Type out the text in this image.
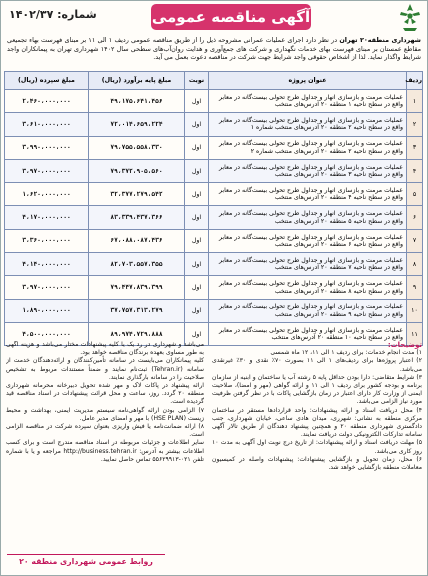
آگهی مناقصه عمومی
شماره: ۱۴۰۲/۳۷
شهرداری منطقه۲۰ تهران در نظر دارد اجرای عملیات عمرانی مشروحه ذیل را از طریق مناقصه عمومی ردیف ۱ الی ۱۱ بر مبنای فهرست بهاء تجمیعی مقاطع عمستان بر مبنای فهرست بهای خدمات نگهداری و شرکت های جمع‌آوری و هدایت روان‌آب‌های سطحی سال ۱۴۰۲ شهرداری تهران به پیمانکاران واجد شرایط واگذار نماید. لذا از اشخاص حقوقی واجد شرایط جهت شرکت در مناقصه دعوت بعمل می آید.
ردیف	عنوان پروژه	نوبت	مبلغ پایه برآورد (ریال)	مبلغ سپرده (ریال)
۱	عملیات مرمت و بازسازی انهار و جداول طرح تحولی بیست‌گانه در معابر واقع در سطح ناحیه ۱ منطقه ۲۰ آدرس‌های منتخب	اول	۴۹،۱۷۵،۶۴۱،۴۵۶	۲،۴۶۰،۰۰۰،۰۰۰
۲	عملیات مرمت و بازسازی انهار و جداول طرح تحولی بیست‌گانه در معابر واقع در سطح ناحیه ۲ منطقه ۲۰ آدرس‌های منتخب شماره ۱	اول	۷۲،۰۱۴،۶۵۹،۲۲۴	۳،۶۱۰،۰۰۰،۰۰۰
۳	عملیات مرمت و بازسازی انهار و جداول طرح تحولی بیست‌گانه در معابر واقع در سطح ناحیه ۲ منطقه ۲۰ آدرس‌های منتخب شماره ۲	اول	۷۹،۷۵۵،۵۵۸،۳۳۰	۳،۹۹۰،۰۰۰،۰۰۰
۴	عملیات مرمت و بازسازی انهار و جداول طرح تحولی بیست‌گانه در معابر واقع در سطح ناحیه ۳ منطقه ۲۰ آدرس‌های منتخب	اول	۷۹،۳۷۲،۹۰۵،۵۶۰	۳،۹۷۰،۰۰۰،۰۰۰
۵	عملیات مرمت و بازسازی انهار و جداول طرح تحولی بیست‌گانه در معابر واقع در سطح ناحیه ۴ منطقه ۲۰ آدرس‌های منتخب	اول	۳۲،۳۷۷،۲۷۹،۵۴۲	۱،۶۲۰،۰۰۰،۰۰۰
۶	عملیات مرمت و بازسازی انهار و جداول طرح تحولی بیست‌گانه در معابر واقع در سطح ناحیه ۵ منطقه ۲۰ آدرس‌های منتخب	اول	۸۳،۳۳۹،۴۳۷،۳۶۶	۴،۱۷۰،۰۰۰،۰۰۰
۷	عملیات مرمت و بازسازی انهار و جداول طرح تحولی بیست‌گانه در معابر واقع در سطح ناحیه ۶ منطقه ۲۰ آدرس‌های منتخب	اول	۶۷،۰۸۸،۰۸۷،۴۳۶	۳،۳۶۰،۰۰۰،۰۰۰
۸	عملیات مرمت و بازسازی انهار و جداول طرح تحولی بیست‌گانه در معابر واقع در سطح ناحیه ۷ منطقه ۲۰ آدرس‌های منتخب	اول	۸۲،۷۰۳،۵۵۷،۳۵۵	۴،۱۴۰،۰۰۰،۰۰۰
۹	عملیات مرمت و بازسازی انهار و جداول طرح تحولی بیست‌گانه در معابر واقع در سطح ناحیه ۸ منطقه ۲۰ آدرس‌های منتخب	اول	۷۹،۴۴۷،۸۳۹،۳۹۹	۳،۹۷۰،۰۰۰،۰۰۰
۱۰	عملیات مرمت و بازسازی انهار و جداول طرح تحولی بیست‌گانه در معابر واقع در سطح ناحیه ۹ منطقه ۲۰ آدرس‌های منتخب	اول	۳۷،۷۵۷،۳۱۳،۲۷۹	۱،۸۹۰،۰۰۰،۰۰۰
۱۱	عملیات مرمت و بازسازی انهار و جداول طرح تحولی بیست‌گانه در معابر واقع در سطح ناحیه ۱۰ منطقه ۲۰ آدرس‌های منتخب	اول	۸۹،۹۷۴،۷۲۹،۸۸۸	۴،۵۰۰،۰۰۰،۰۰۰
توضیحات:
۱) مدت انجام خدمات: برای ردیف ۱ الی ۱۱، ۱۲ ماه شمسی
۲) اعتبار پروژه‌ها برای ردیف‌های ۱ الی ۱۱ بصورت ۷۰٪ نقدی و ۳۰٪ غیرنقدی می‌باشد.
۳) شرایط متقاضی: دارا بودن حداقل پایه ۵ رشته آب یا ساختمان و ابنیه از سازمان برنامه و بودجه کشور برای ردیف ۱ الی ۱۱ و ارائه گواهی (مهر و امضا)، صلاحیت ایمنی از وزارت کار دارای اعتبار در زمان بازگشایی پاکات با در نظر گرفتن ظرفیت مورد نیاز الزامی می‌باشد.
۴) محل دریافت اسناد و ارائه پیشنهادات: واحد قراردادها مستقر در ساختمان مرکزی منطقه به نشانی: شهرری، میدان هادی ساعی، خیابان شهرداری، جنب دادگستری شهرداری منطقه ۲۰ و همچنین پیشنهاد دهندگان از طریق تالار آگهی سامانه تدارکات الکترونیکی دولت دریافت نمایند.
۵) مهلت دریافت اسناد و ارائه پیشنهادات: از تاریخ درج نوبت اول آگهی به مدت ۱۰ روز کاری می‌باشد.
۶) محل، زمان تحویل و بازگشایی پیشنهادات: پیشنهادات واصله در کمیسیون معاملات منطقه بازگشایی خواهد شد.
می‌باشد و شهرداری در رد یک یا کلیه پیشنهادات مختار می‌باشد و هزینه آگهی به طور مساوی بعهده برندگان مناقصه خواهد بود.
کلیه پیمانکاران می‌بایست در سامانه تأمین‌کنندگان و ارائه‌دهندگان خدمت از سامانه (Tehran.ir) ثبت‌نام نمایند و ضمناً مستندات مربوط به تشخیص صلاحیت را در سامانه بارگذاری نمایند.
ارائه پیشنهاد در پاکات لاک و مهر شده تحویل دبیرخانه محرمانه شهرداری منطقه ۲۰ گردد. روز، ساعت و محل قرائت پیشنهادات در اسناد مناقصه قید گردیده است.
۷) الزامی بودن ارائه گواهی‌نامه سیستم مدیریت ایمنی، بهداشت و محیط زیست (HSE PLAN) با مهر و امضای مدیر عامل.
۸) ارائه ضمانت‌نامه یا فیش واریزی بعنوان سپرده شرکت در مناقصه الزامی است.
سایر اطلاعات و جزئیات مربوطه در اسناد مناقصه مندرج است و برای کسب اطلاعات بیشتر به آدرس: http://business.tehran.ir مراجعه و یا با شماره تلفن ۰۲۱-۵۵۶۲۹۹۱۳ تماس حاصل نمایید.
روابط عمومی شهرداری منطقه ۲۰
